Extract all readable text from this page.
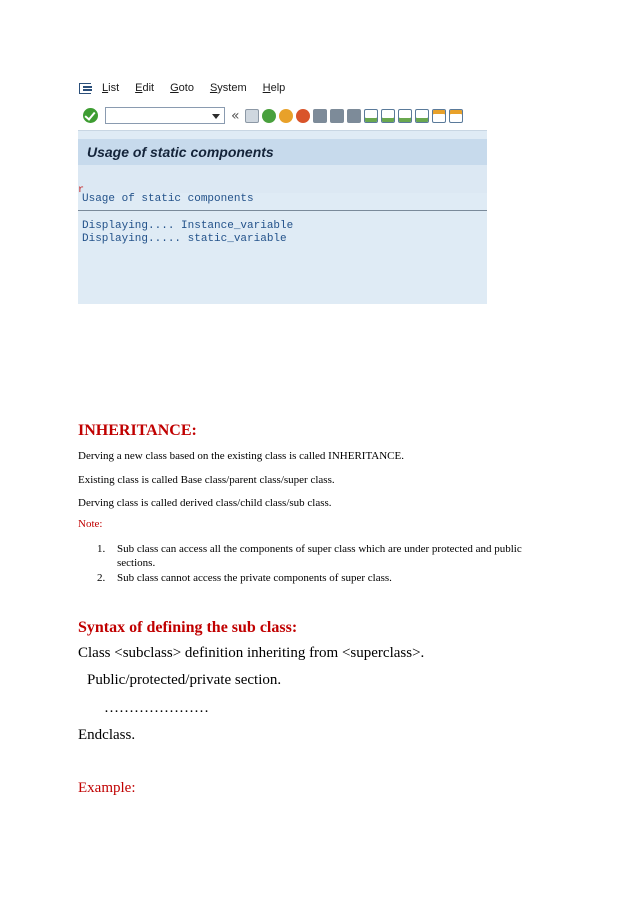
List Edit Goto System Help
«
Usage of static components
r
Usage of static components
Displaying.... Instance_variable
Displaying..... static_variable
INHERITANCE:
Derving a new class based on the existing class is called INHERITANCE.
Existing class is called Base class/parent class/super class.
Derving class is called derived class/child class/sub class.
Note:
1. Sub class can access all the components of super class which are under protected and public
sections.
2. Sub class cannot access the private components of super class.
Syntax of defining the sub class:
Class <subclass> definition inheriting from <superclass>.
Public/protected/private section.
…………………
Endclass.
Example:
